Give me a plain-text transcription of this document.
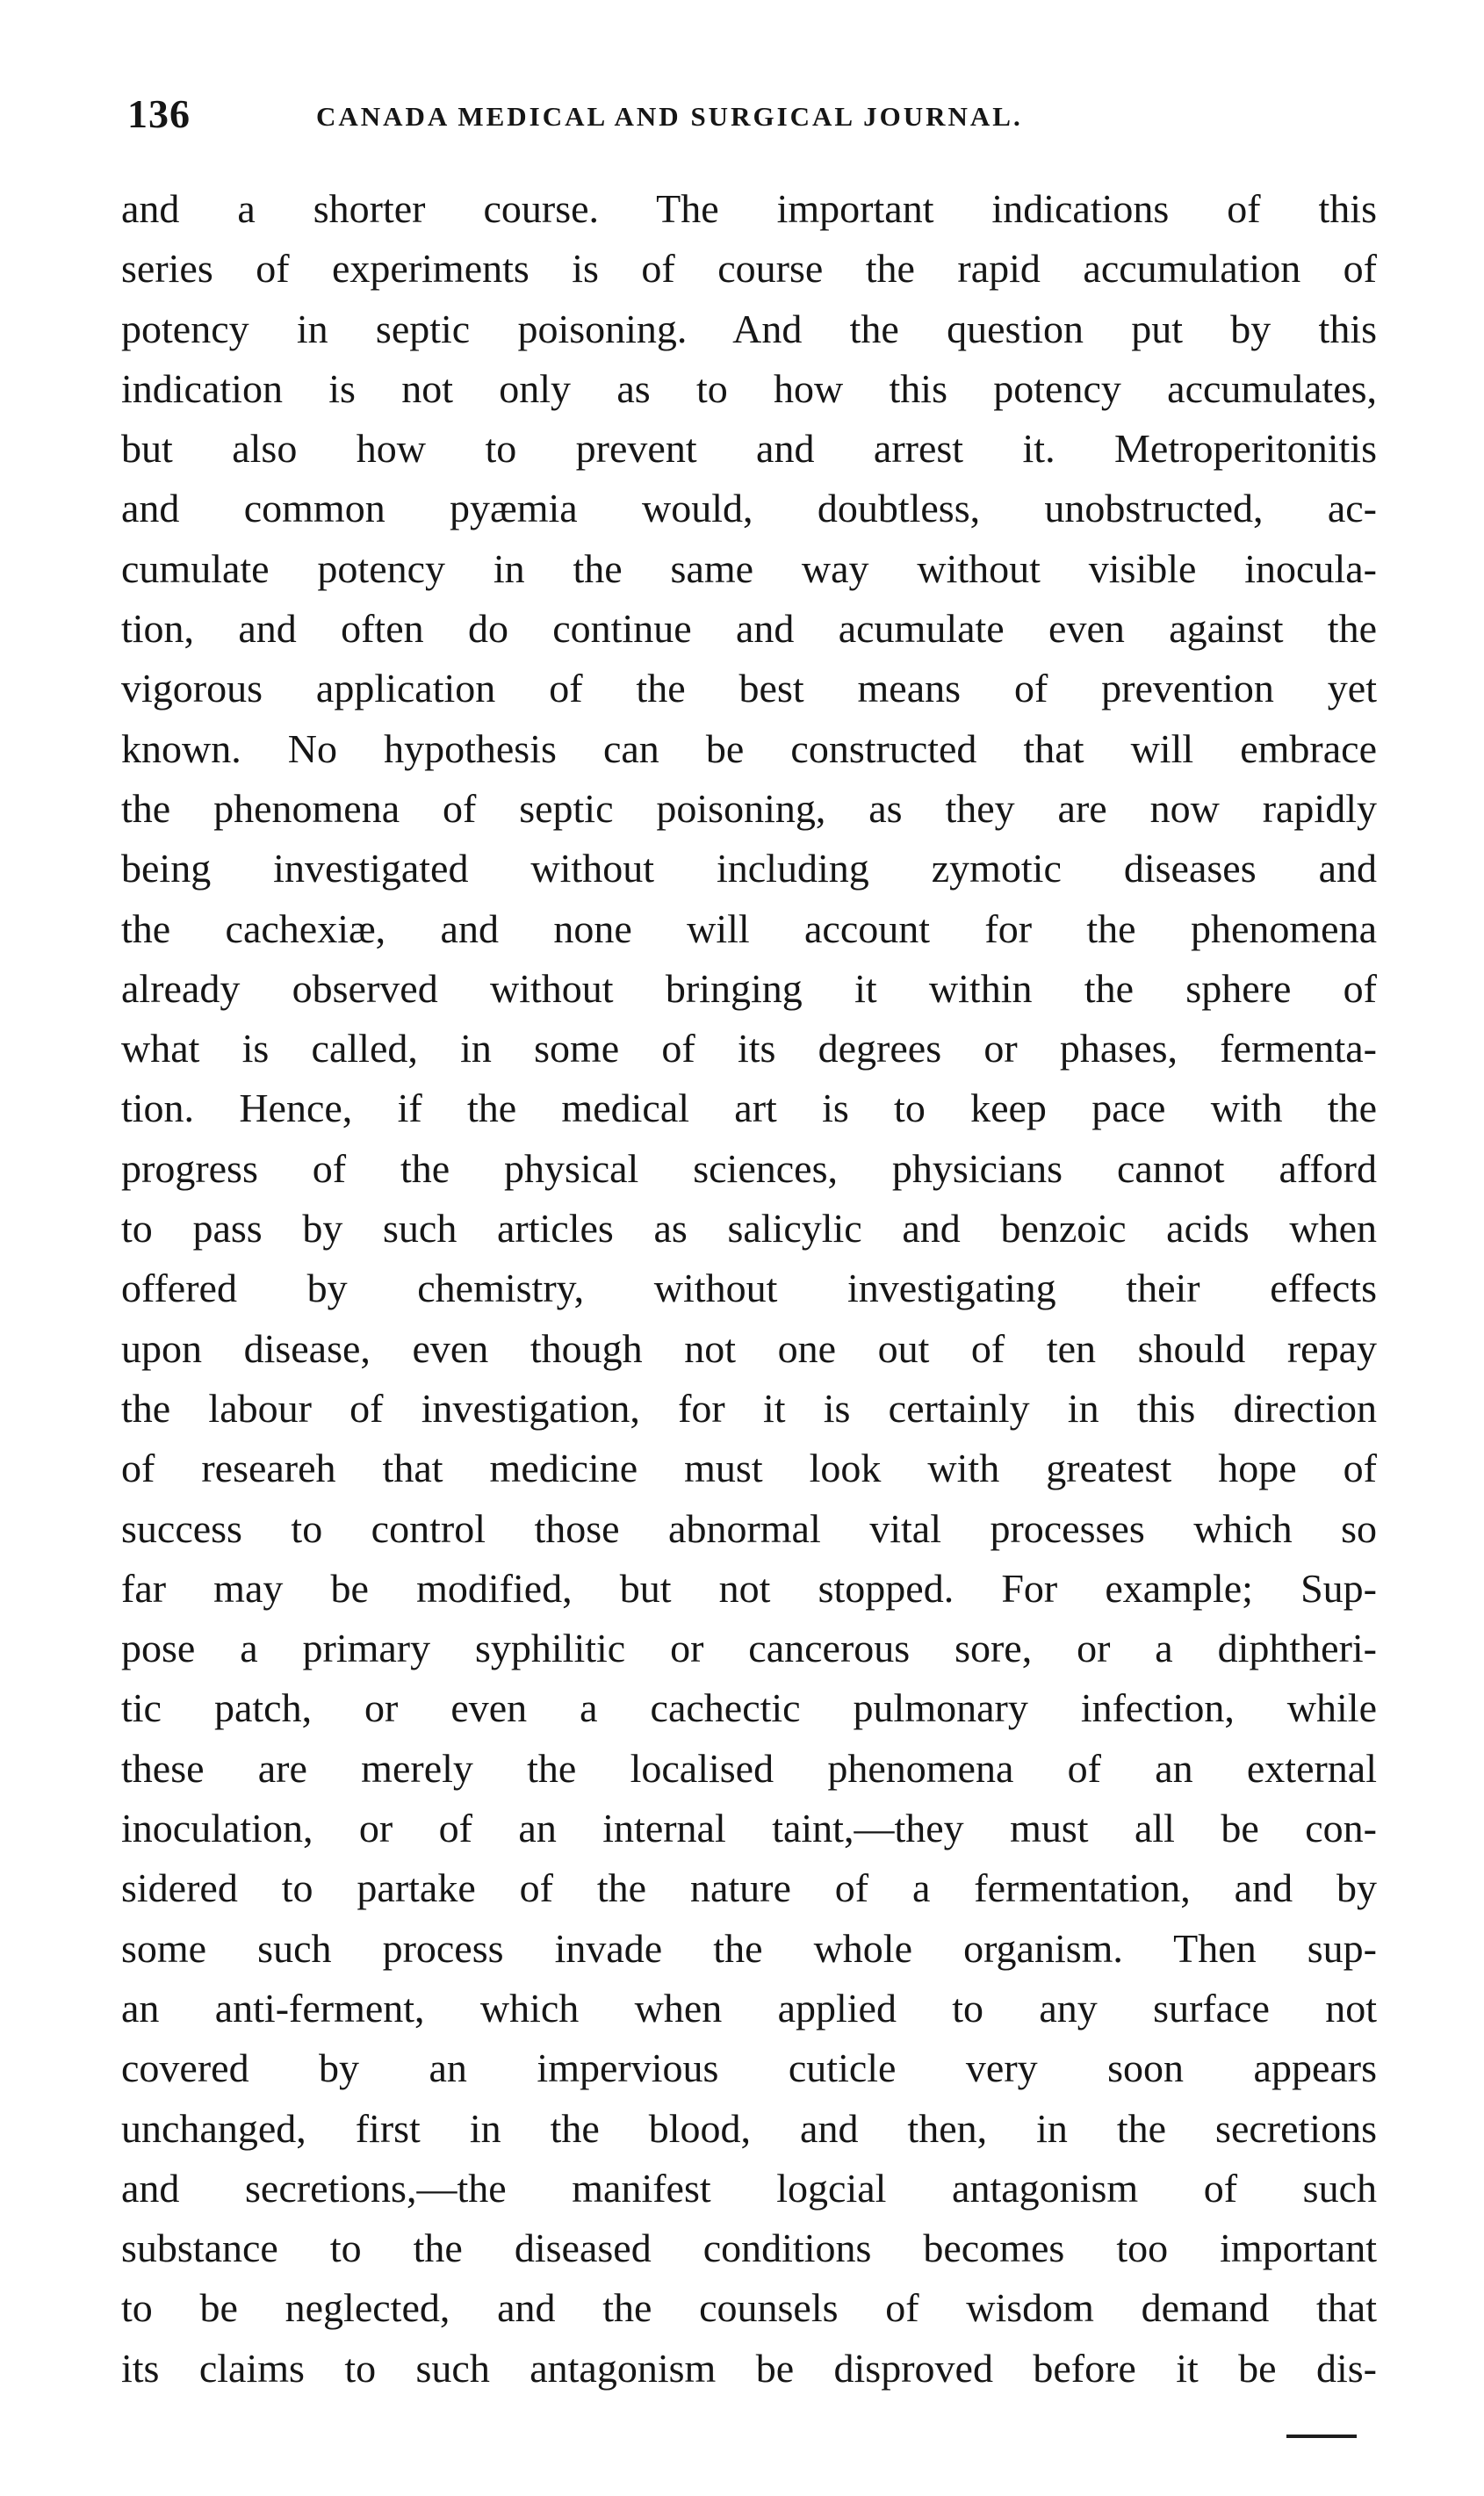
136	CANADA MEDICAL AND SURGICAL JOURNAL.
and a shorter course. The important indications of this
series of experiments is of course the rapid accumulation of
potency in septic poisoning. And the question put by this
indication is not only as to how this potency accumulates,
but also how to prevent and arrest it. Metroperitonitis
and common pyæmia would, doubtless, unobstructed, ac-
cumulate potency in the same way without visible inocula-
tion, and often do continue and acumulate even against the
vigorous application of the best means of prevention yet
known. No hypothesis can be constructed that will embrace
the phenomena of septic poisoning, as they are now rapidly
being investigated without including zymotic diseases and
the cachexiæ, and none will account for the phenomena
already observed without bringing it within the sphere of
what is called, in some of its degrees or phases, fermenta-
tion. Hence, if the medical art is to keep pace with the
progress of the physical sciences, physicians cannot afford
to pass by such articles as salicylic and benzoic acids when
offered by chemistry, without investigating their effects
upon disease, even though not one out of ten should repay
the labour of investigation, for it is certainly in this direction
of researeh that medicine must look with greatest hope of
success to control those abnormal vital processes which so
far may be modified, but not stopped. For example; Sup-
pose a primary syphilitic or cancerous sore, or a diphtheri-
tic patch, or even a cachectic pulmonary infection, while
these are merely the localised phenomena of an external
inoculation, or of an internal taint,—they must all be con-
sidered to partake of the nature of a fermentation, and by
some such process invade the whole organism. Then sup-
an anti-ferment, which when applied to any surface not
covered by an impervious cuticle very soon appears
unchanged, first in the blood, and then, in the secretions
and secretions,—the manifest logcial antagonism of such
substance to the diseased conditions becomes too important
to be neglected, and the counsels of wisdom demand that
its claims to such antagonism be disproved before it be dis-
